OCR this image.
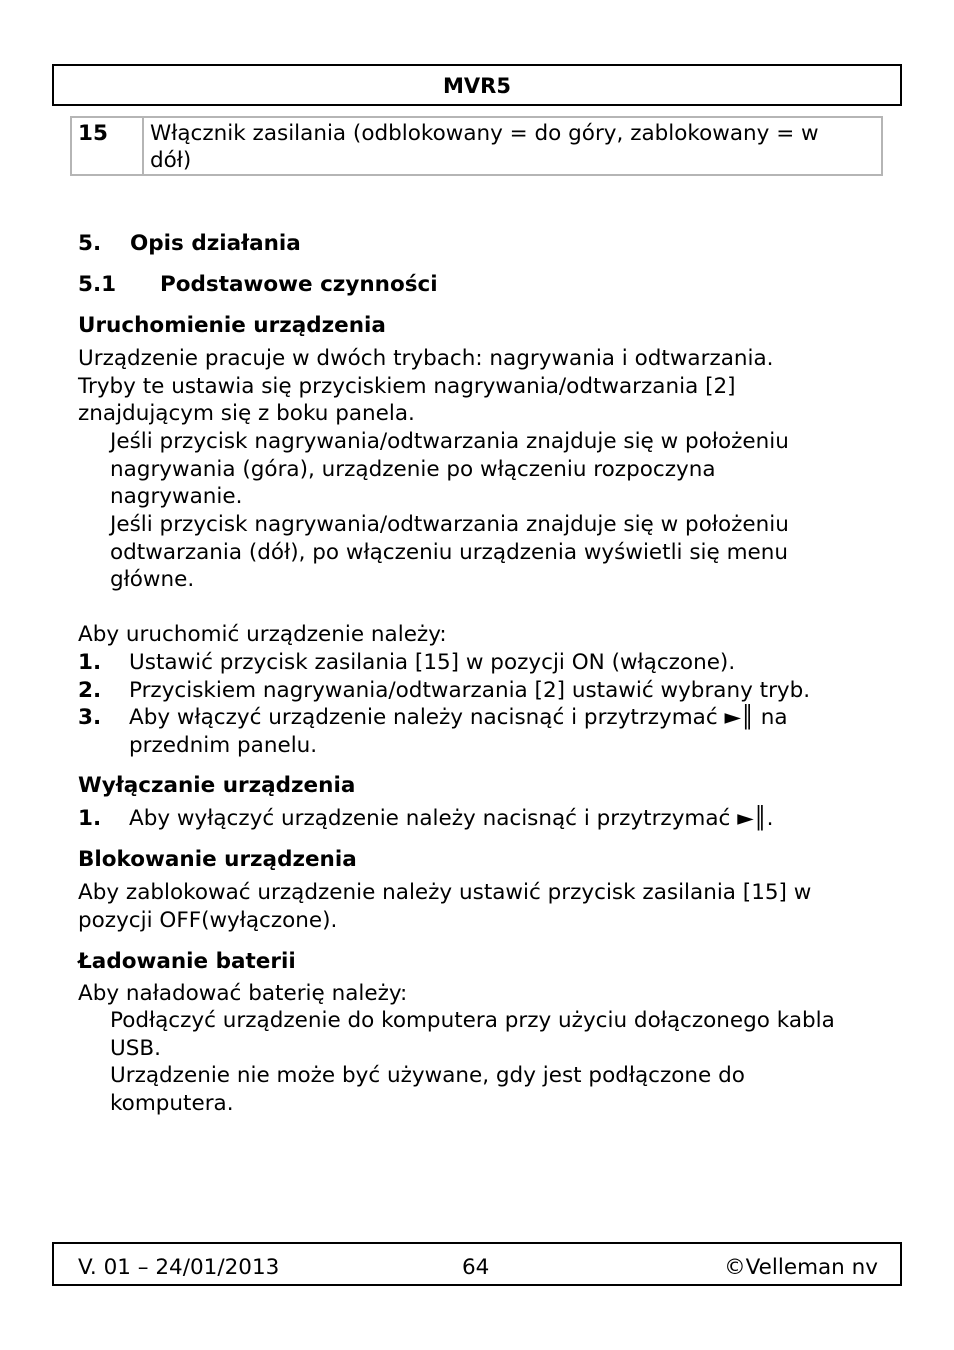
MVR5
15	Włącznik zasilania (odblokowany = do góry, zablokowany = w
dół)
5. Opis działania
5.1 Podstawowe czynności
Uruchomienie urządzenia
Urządzenie pracuje w dwóch trybach: nagrywania i odtwarzania.
Tryby te ustawia się przyciskiem nagrywania/odtwarzania [2]
znajdującym się z boku panela.
Jeśli przycisk nagrywania/odtwarzania znajduje się w położeniu
nagrywania (góra), urządzenie po włączeniu rozpoczyna
nagrywanie.
Jeśli przycisk nagrywania/odtwarzania znajduje się w położeniu
odtwarzania (dół), po włączeniu urządzenia wyświetli się menu
główne.
Aby uruchomić urządzenie należy:
1. Ustawić przycisk zasilania [15] w pozycji ON (włączone).
2. Przyciskiem nagrywania/odtwarzania [2] ustawić wybrany tryb.
3. Aby włączyć urządzenie należy nacisnąć i przytrzymać ►║ na
przednim panelu.
Wyłączanie urządzenia
1. Aby wyłączyć urządzenie należy nacisnąć i przytrzymać ►║.
Blokowanie urządzenia
Aby zablokować urządzenie należy ustawić przycisk zasilania [15] w
pozycji OFF(wyłączone).
Ładowanie baterii
Aby naładować baterię należy:
Podłączyć urządzenie do komputera przy użyciu dołączonego kabla
USB.
Urządzenie nie może być używane, gdy jest podłączone do
komputera.
V. 01 – 24/01/2013	64	©Velleman nv
